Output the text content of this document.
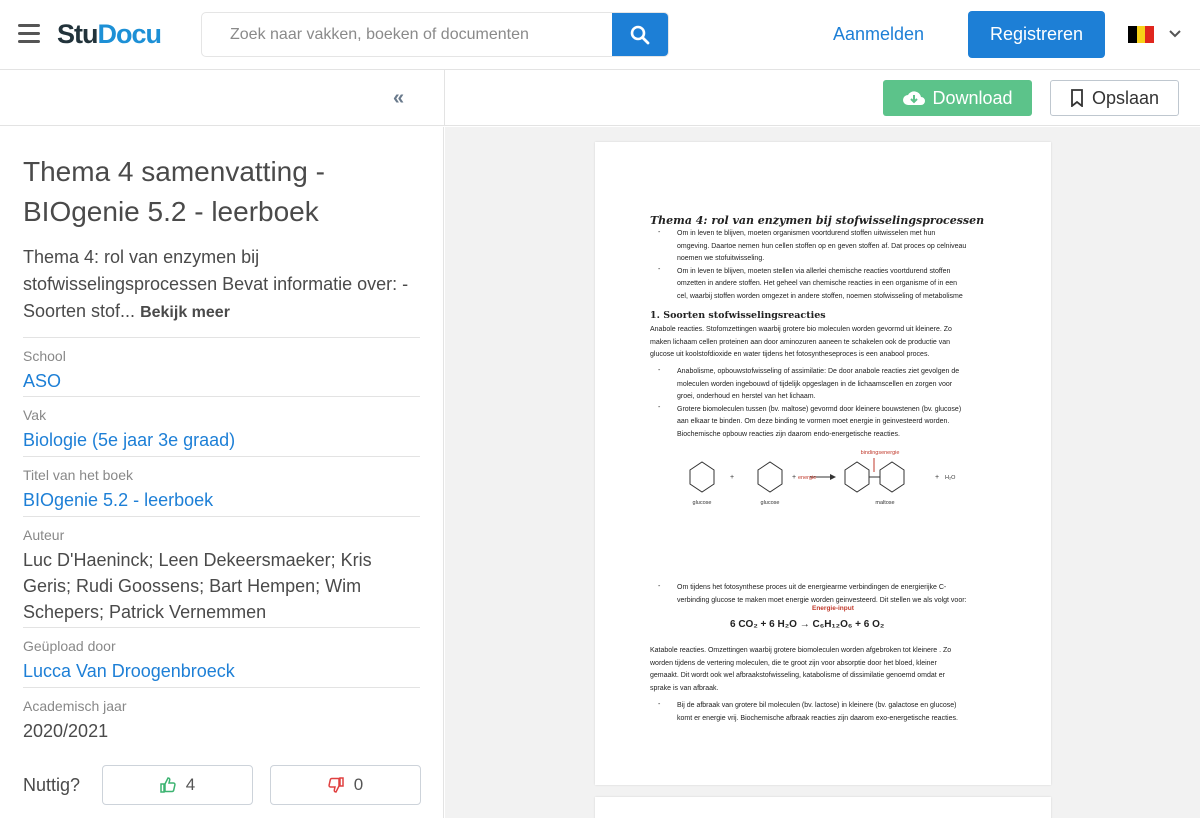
StuDocu
Zoek naar vakken, boeken of documenten	Aanmelden	Registreren
«	Download	Opslaan
Thema 4 samenvatting - BIOgenie 5.2 - leerboek
Thema 4: rol van enzymen bij stofwisselingsprocessen Bevat informatie over: - Soorten stof... Bekijk meer
School
ASO
Vak
Biologie (5e jaar 3e graad)
Titel van het boek
BIOgenie 5.2 - leerboek
Auteur
Luc D'Haeninck; Leen Dekeersmaeker; Kris Geris; Rudi Goossens; Bart Hempen; Wim Schepers; Patrick Vernemmen
Geüpload door
Lucca Van Droogenbroeck
Academisch jaar
2020/2021
Nuttig?	4	0
Thema 4: rol van enzymen bij stofwisselingsprocessen
-
-
Om in leven te blijven, moeten organismen voortdurend stoffen uitwisselen met hun
omgeving. Daartoe nemen hun cellen stoffen op en geven stoffen af. Dat proces op celniveau
noemen we stofuitwisseling.
Om in leven te blijven, moeten stellen via allerlei chemische reacties voortdurend stoffen
omzetten in andere stoffen. Het geheel van chemische reacties in een organisme of in een
cel, waarbij stoffen worden omgezet in andere stoffen, noemen stofwisseling of metabolisme
1. Soorten stofwisselingsreacties
Anabole reacties. Stofomzettingen waarbij grotere bio moleculen worden gevormd uit kleinere. Zo
maken lichaam cellen proteinen aan door aminozuren aaneen te schakelen ook de productie van
glucose uit koolstofdioxide en water tijdens het fotosyntheseproces is een anabool proces.
-
-
Anabolisme, opbouwstofwisseling of assimilatie: De door anabole reacties ziet gevolgen de
moleculen worden ingebouwd of tijdelijk opgeslagen in de lichaamscellen en zorgen voor
groei, onderhoud en herstel van het lichaam.
Grotere biomoleculen tussen (bv. maltose) gevormd door kleinere bouwstenen (bv. glucose)
aan elkaar te binden. Om deze binding te vormen moet energie in geinvesteerd worden.
Biochemische opbouw reacties zijn daarom endo-energetische reacties.
bindingsenergie
glucose	glucose	maltose
+	+ energie	+ H₂O
- Om tijdens het fotosynthese proces uit de energiearme verbindingen de energierijke C-
verbinding glucose te maken moet energie worden geinvesteerd. Dit stellen we als volgt voor:
Energie-input
6 CO₂ + 6 H₂O → C₆H₁₂O₆ + 6 O₂
Katabole reacties. Omzettingen waarbij grotere biomoleculen worden afgebroken tot kleinere . Zo
worden tijdens de vertering moleculen, die te groot zijn voor absorptie door het bloed, kleiner
gemaakt. Dit wordt ook wel afbraakstofwisseling, katabolisme of dissimilatie genoemd omdat er
sprake is van afbraak.
- Bij de afbraak van grotere bil moleculen (bv. lactose) in kleinere (bv. galactose en glucose)
komt er energie vrij. Biochemische afbraak reacties zijn daarom exo-energetische reacties.
